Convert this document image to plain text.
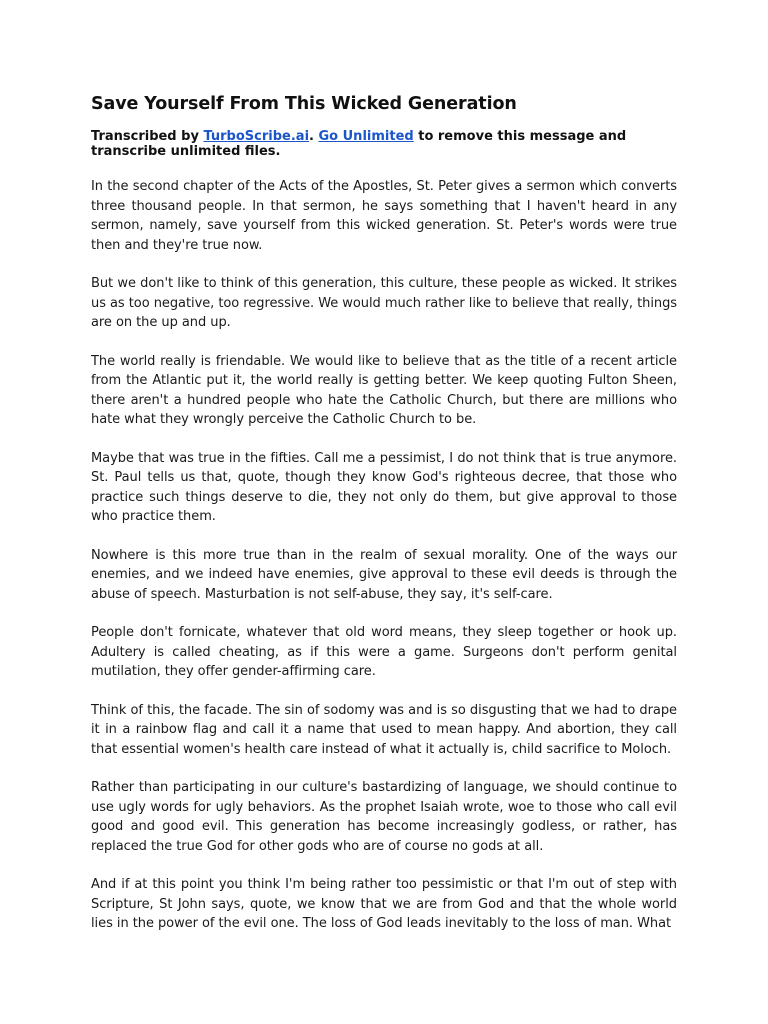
Save Yourself From This Wicked Generation

Transcribed by TurboScribe.ai. Go Unlimited to remove this message and transcribe unlimited files.

In the second chapter of the Acts of the Apostles, St. Peter gives a sermon which converts three thousand people. In that sermon, he says something that I haven't heard in any sermon, namely, save yourself from this wicked generation. St. Peter's words were true then and they're true now.

But we don't like to think of this generation, this culture, these people as wicked. It strikes us as too negative, too regressive. We would much rather like to believe that really, things are on the up and up.

The world really is friendable. We would like to believe that as the title of a recent article from the Atlantic put it, the world really is getting better. We keep quoting Fulton Sheen, there aren't a hundred people who hate the Catholic Church, but there are millions who hate what they wrongly perceive the Catholic Church to be.

Maybe that was true in the fifties. Call me a pessimist, I do not think that is true anymore. St. Paul tells us that, quote, though they know God's righteous decree, that those who practice such things deserve to die, they not only do them, but give approval to those who practice them.

Nowhere is this more true than in the realm of sexual morality. One of the ways our enemies, and we indeed have enemies, give approval to these evil deeds is through the abuse of speech. Masturbation is not self-abuse, they say, it's self-care.

People don't fornicate, whatever that old word means, they sleep together or hook up. Adultery is called cheating, as if this were a game. Surgeons don't perform genital mutilation, they offer gender-affirming care.

Think of this, the facade. The sin of sodomy was and is so disgusting that we had to drape it in a rainbow flag and call it a name that used to mean happy. And abortion, they call that essential women's health care instead of what it actually is, child sacrifice to Moloch.

Rather than participating in our culture's bastardizing of language, we should continue to use ugly words for ugly behaviors. As the prophet Isaiah wrote, woe to those who call evil good and good evil. This generation has become increasingly godless, or rather, has replaced the true God for other gods who are of course no gods at all.

And if at this point you think I'm being rather too pessimistic or that I'm out of step with Scripture, St John says, quote, we know that we are from God and that the whole world lies in the power of the evil one. The loss of God leads inevitably to the loss of man. What
